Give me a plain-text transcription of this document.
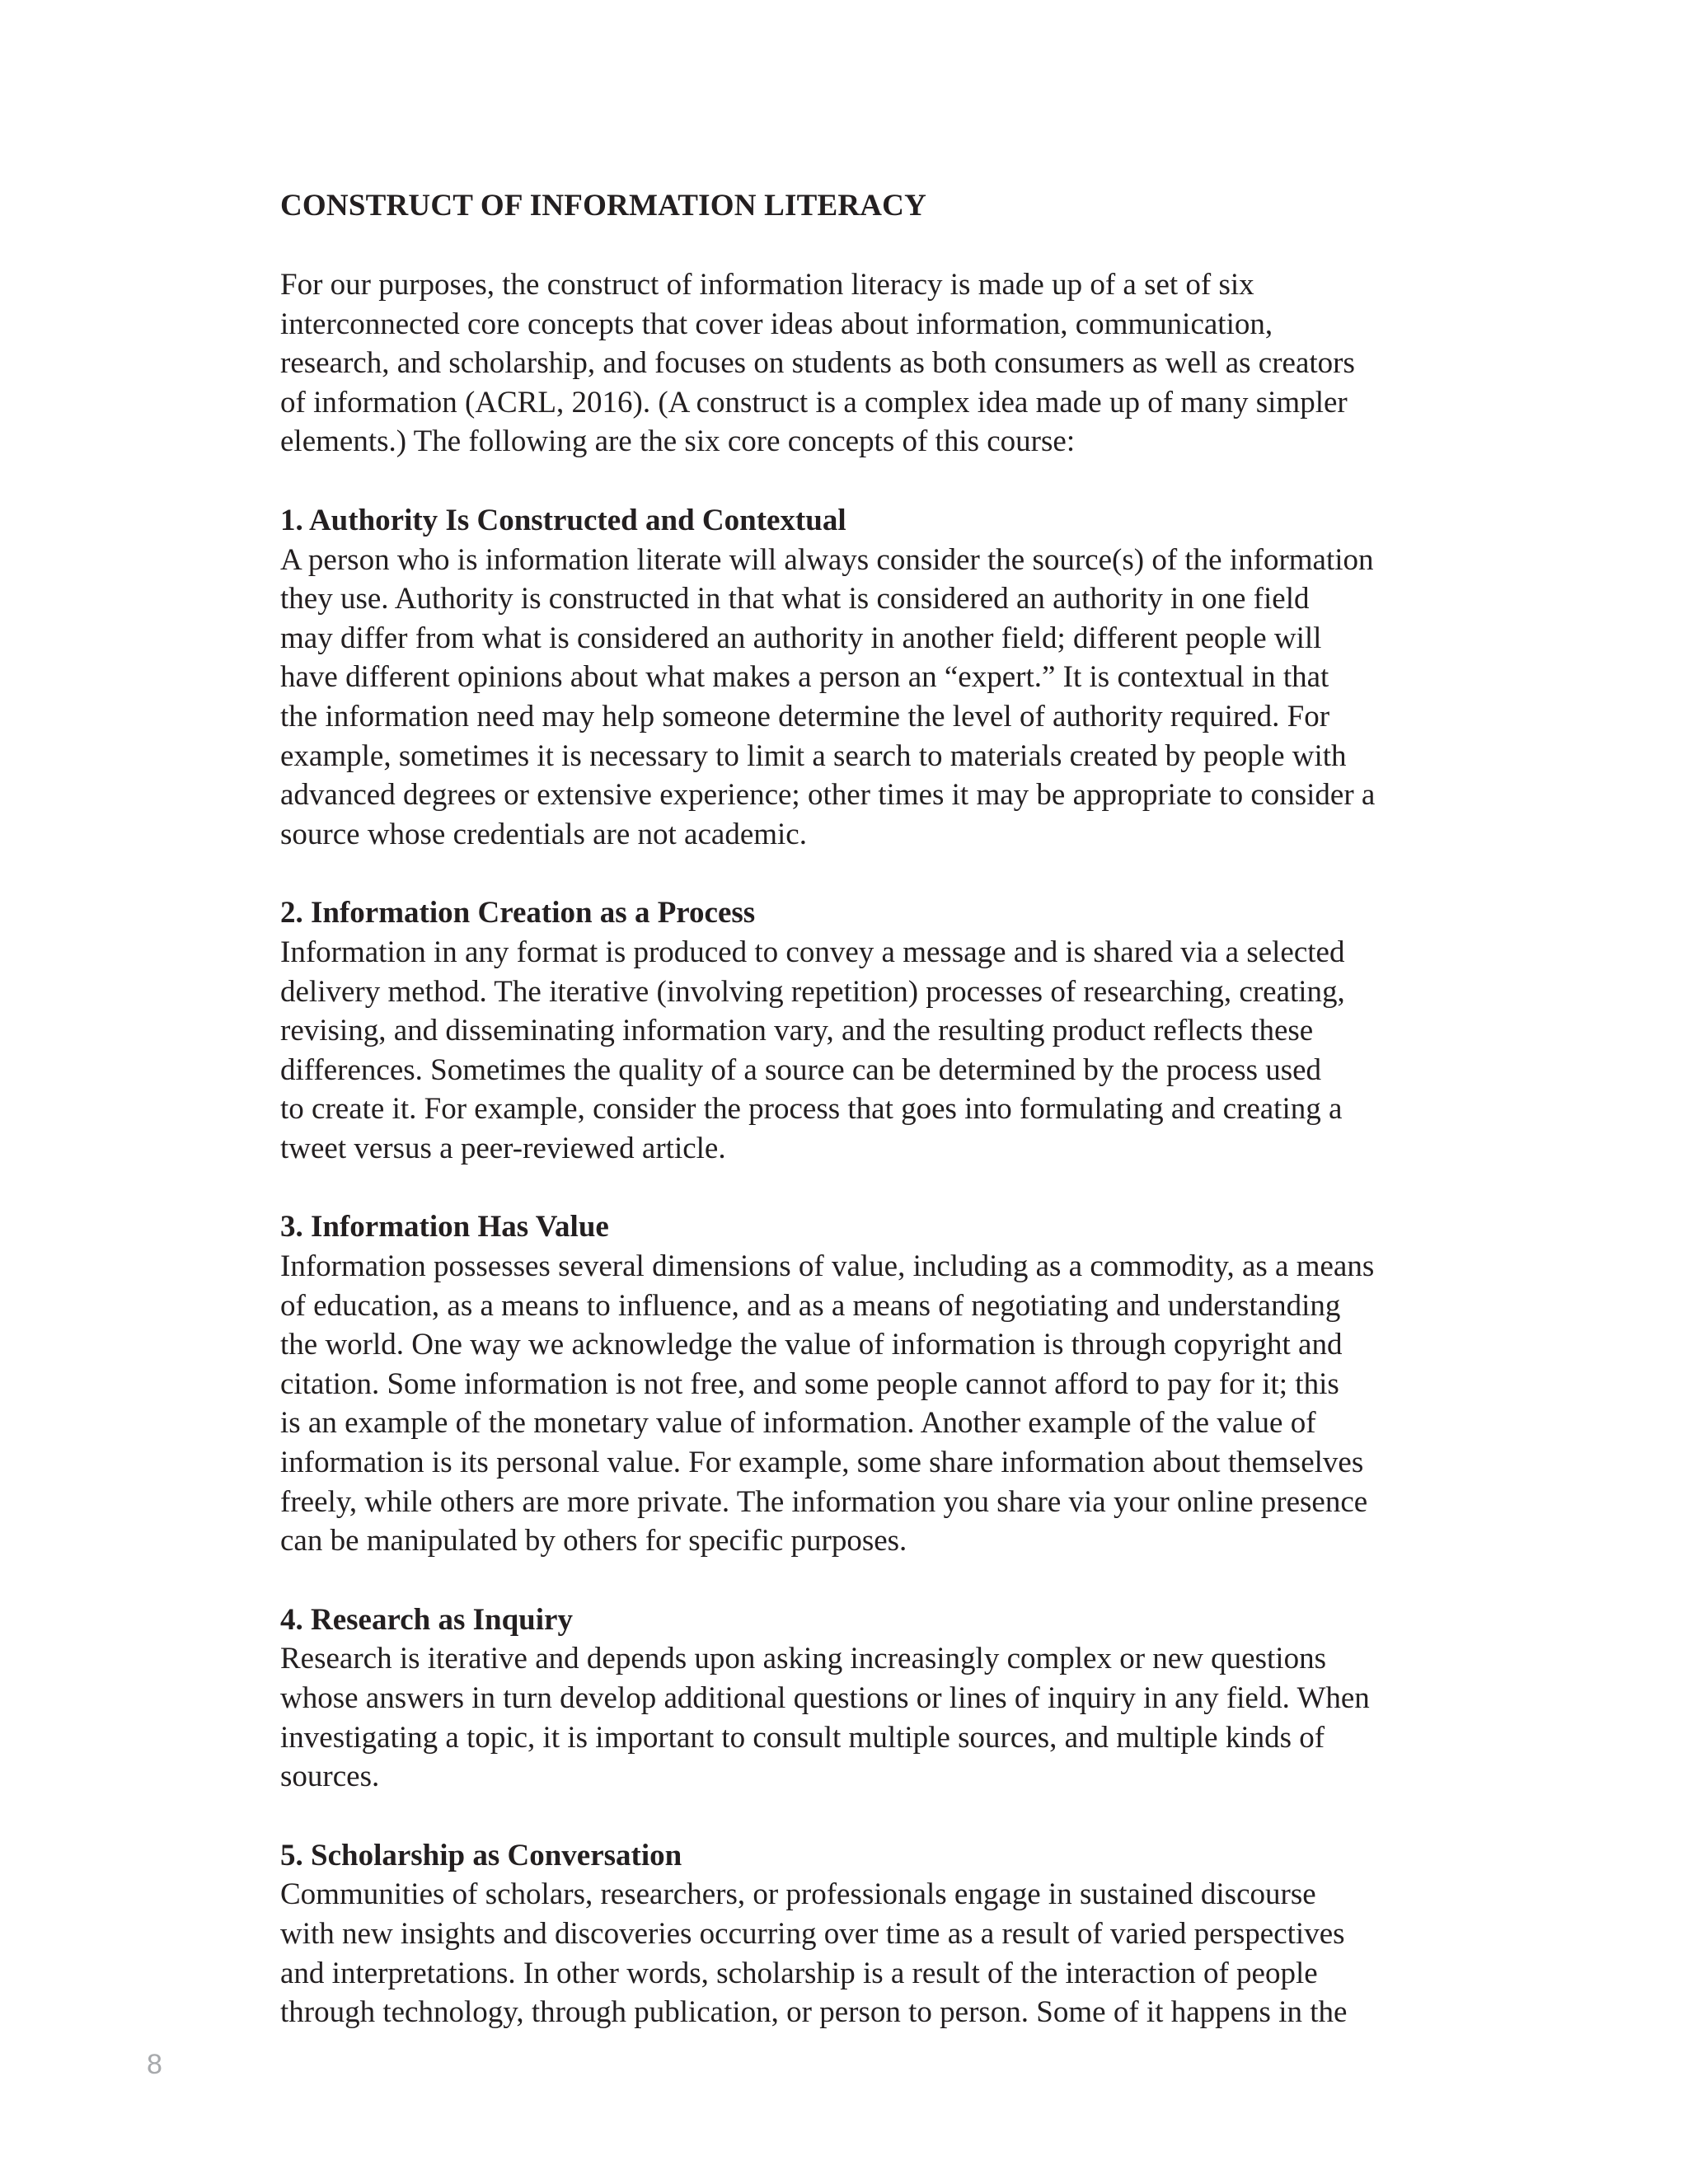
CONSTRUCT OF INFORMATION LITERACY

For our purposes, the construct of information literacy is made up of a set of six
interconnected core concepts that cover ideas about information, communication,
research, and scholarship, and focuses on students as both consumers as well as creators
of information (ACRL, 2016). (A construct is a complex idea made up of many simpler
elements.) The following are the six core concepts of this course:

1. Authority Is Constructed and Contextual

A person who is information literate will always consider the source(s) of the information
they use. Authority is constructed in that what is considered an authority in one field
may differ from what is considered an authority in another field; different people will
have different opinions about what makes a person an “expert.” It is contextual in that
the information need may help someone determine the level of authority required. For
example, sometimes it is necessary to limit a search to materials created by people with
advanced degrees or extensive experience; other times it may be appropriate to consider a
source whose credentials are not academic.

2. Information Creation as a Process

Information in any format is produced to convey a message and is shared via a selected
delivery method. The iterative (involving repetition) processes of researching, creating,
revising, and disseminating information vary, and the resulting product reflects these
differences. Sometimes the quality of a source can be determined by the process used
to create it. For example, consider the process that goes into formulating and creating a
tweet versus a peer-reviewed article.

3. Information Has Value

Information possesses several dimensions of value, including as a commodity, as a means
of education, as a means to influence, and as a means of negotiating and understanding
the world. One way we acknowledge the value of information is through copyright and
citation. Some information is not free, and some people cannot afford to pay for it; this
is an example of the monetary value of information. Another example of the value of
information is its personal value. For example, some share information about themselves
freely, while others are more private. The information you share via your online presence
can be manipulated by others for specific purposes.

4. Research as Inquiry

Research is iterative and depends upon asking increasingly complex or new questions
whose answers in turn develop additional questions or lines of inquiry in any field. When
investigating a topic, it is important to consult multiple sources, and multiple kinds of
sources.

5. Scholarship as Conversation

Communities of scholars, researchers, or professionals engage in sustained discourse
with new insights and discoveries occurring over time as a result of varied perspectives
and interpretations. In other words, scholarship is a result of the interaction of people
through technology, through publication, or person to person. Some of it happens in the

8
